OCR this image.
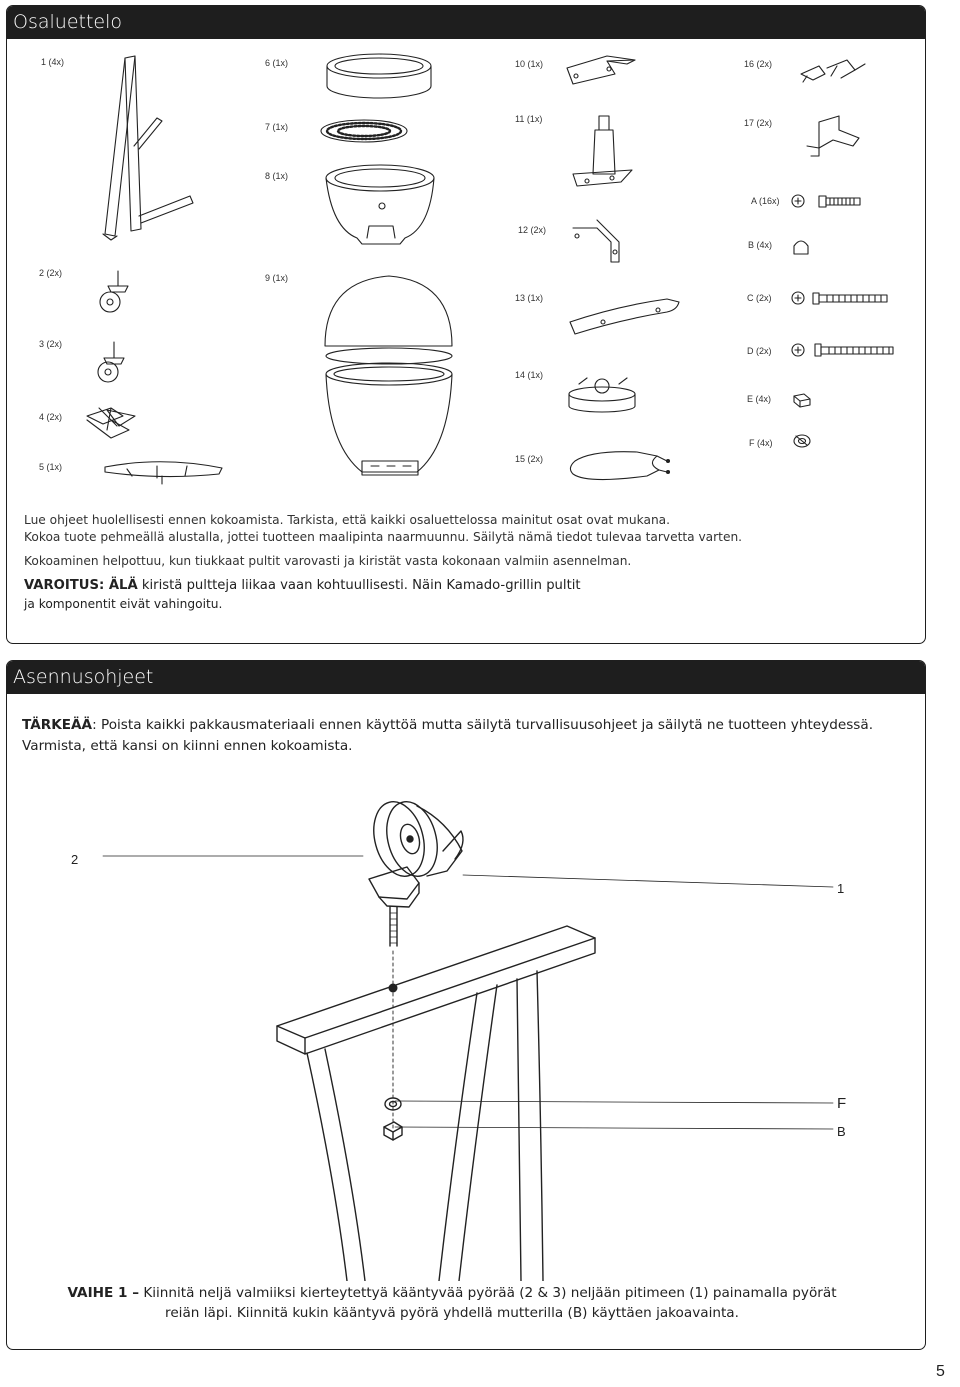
Osaluettelo
1 (4x)
2 (2x)
3 (2x)
4 (2x)
5 (1x)
6 (1x)
7 (1x)
8 (1x)
9 (1x)
10 (1x)
11 (1x)
12 (2x)
13 (1x)
14 (1x)
15 (2x)
16 (2x)
17 (2x)
A (16x)
B (4x)
C (2x)
D (2x)
E (4x)
F (4x)

Lue ohjeet huolellisesti ennen kokoamista. Tarkista, että kaikki osaluettelossa mainitut osat ovat mukana.

Kokoa tuote pehmeällä alustalla, jottei tuotteen maalipinta naarmuunnu. Säilytä nämä tiedot tulevaa tarvetta varten.

Kokoaminen helpottuu, kun tiukkaat pultit varovasti ja kiristät vasta kokonaan valmiin asennelman.

VAROITUS: ÄLÄ kiristä pultteja liikaa vaan kohtuullisesti. Näin Kamado-grillin pultit
ja komponentit eivät vahingoitu.
Asennusohjeet
TÄRKEÄÄ: Poista kaikki pakkausmateriaali ennen käyttöä mutta säilytä turvallisuusohjeet ja säilytä ne tuotteen yhteydessä. Varmista, että kansi on kiinni ennen kokoamista.
2
1
F
B
VAIHE 1 – Kiinnitä neljä valmiiksi kierteytettyä kääntyvää pyörää (2 & 3) neljään pitimeen (1) painamalla pyörät reiän läpi. Kiinnitä kukin kääntyvä pyörä yhdellä mutterilla (B) käyttäen jakoavainta.
5
